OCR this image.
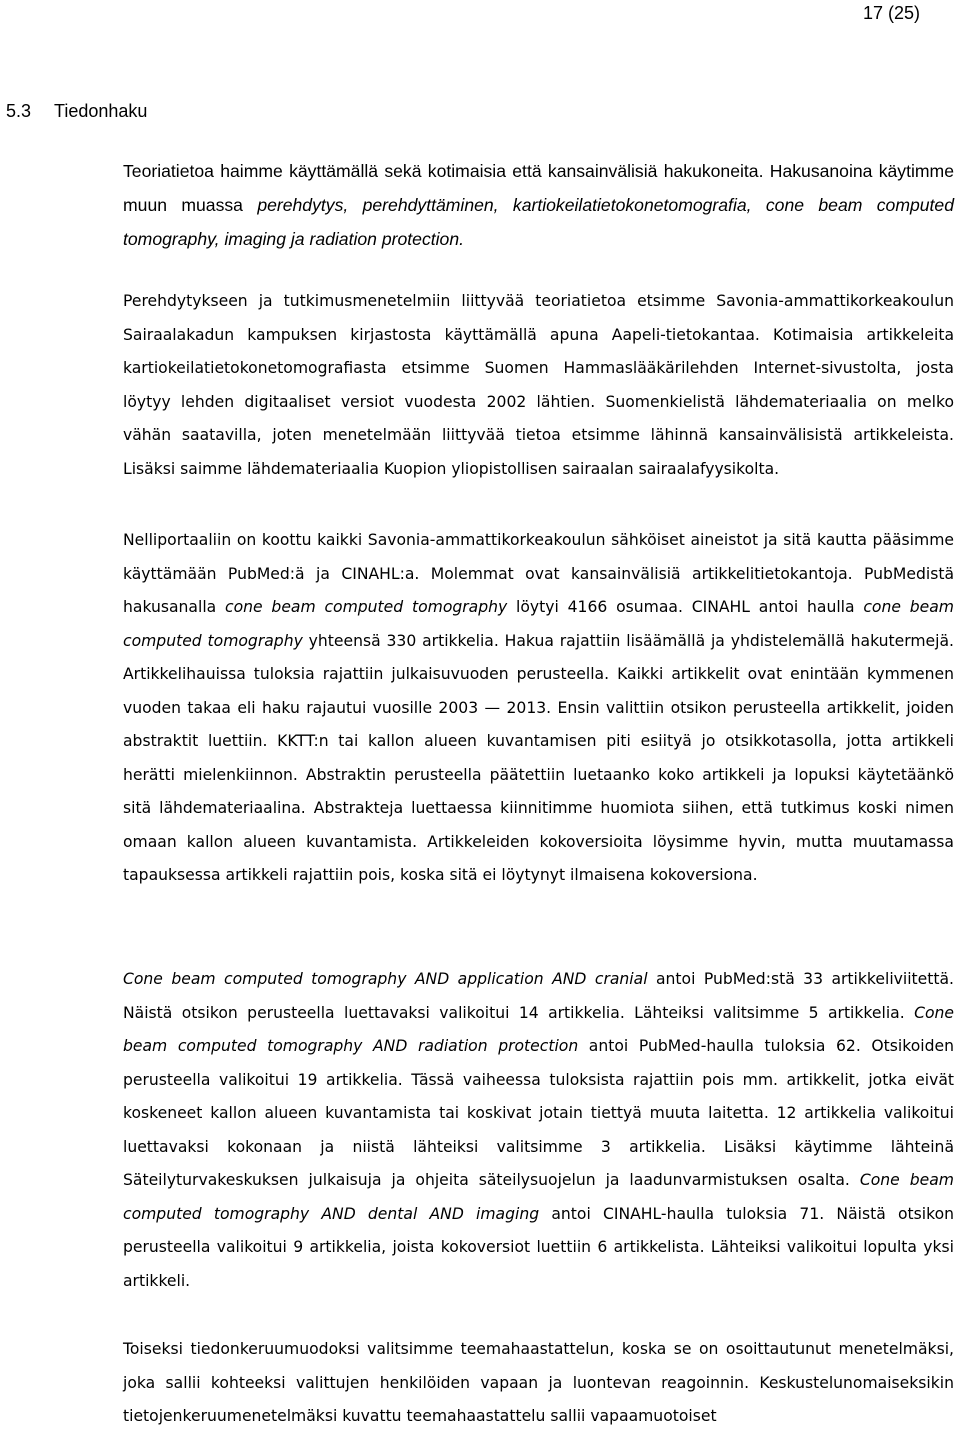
17 (25)
5.3 Tiedonhaku

Teoriatietoa haimme käyttämällä sekä kotimaisia että kansainvälisiä hakukoneita. Hakusanoina käytimme muun muassa perehdytys, perehdyttäminen, kartiokeilatietokonetomografia, cone beam computed tomography, imaging ja radiation protection.

Perehdytykseen ja tutkimusmenetelmiin liittyvää teoriatietoa etsimme Savonia-ammattikorkeakoulun Sairaalakadun kampuksen kirjastosta käyttämällä apuna Aapeli-tietokantaa. Kotimaisia artikkeleita kartiokeilatietokonetomografiasta etsimme Suomen Hammaslääkärilehden Internet-sivustolta, josta löytyy lehden digitaaliset versiot vuodesta 2002 lähtien. Suomenkielistä lähdemateriaalia on melko vähän saatavilla, joten menetelmään liittyvää tietoa etsimme lähinnä kansainvälisistä artikkeleista. Lisäksi saimme lähdemateriaalia Kuopion yliopistollisen sairaalan sairaalafyysikolta.

Nelliportaaliin on koottu kaikki Savonia-ammattikorkeakoulun sähköiset aineistot ja sitä kautta pääsimme käyttämään PubMed:ä ja CINAHL:a. Molemmat ovat kansainvälisiä artikkelitietokantoja. PubMedistä hakusanalla cone beam computed tomography löytyi 4166 osumaa. CINAHL antoi haulla cone beam computed tomography yhteensä 330 artikkelia. Hakua rajattiin lisäämällä ja yhdistelemällä hakutermejä. Artikkelihauissa tuloksia rajattiin julkaisuvuoden perusteella. Kaikki artikkelit ovat enintään kymmenen vuoden takaa eli haku rajautui vuosille 2003 — 2013. Ensin valittiin otsikon perusteella artikkelit, joiden abstraktit luettiin. KKTT:n tai kallon alueen kuvantamisen piti esiityä jo otsikkotasolla, jotta artikkeli herätti mielenkiinnon. Abstraktin perusteella päätettiin luetaanko koko artikkeli ja lopuksi käytetäänkö sitä lähdemateriaalina. Abstrakteja luettaessa kiinnitimme huomiota siihen, että tutkimus koski nimen omaan kallon alueen kuvantamista. Artikkeleiden kokoversioita löysimme hyvin, mutta muutamassa tapauksessa artikkeli rajattiin pois, koska sitä ei löytynyt ilmaisena kokoversiona.

Cone beam computed tomography AND application AND cranial antoi PubMed:stä 33 artikkeliviitettä. Näistä otsikon perusteella luettavaksi valikoitui 14 artikkelia. Lähteiksi valitsimme 5 artikkelia. Cone beam computed tomography AND radiation protection antoi PubMed-haulla tuloksia 62. Otsikoiden perusteella valikoitui 19 artikkelia. Tässä vaiheessa tuloksista rajattiin pois mm. artikkelit, jotka eivät koskeneet kallon alueen kuvantamista tai koskivat jotain tiettyä muuta laitetta. 12 artikkelia valikoitui luettavaksi kokonaan ja niistä lähteiksi valitsimme 3 artikkelia. Lisäksi käytimme lähteinä Säteilyturvakeskuksen julkaisuja ja ohjeita säteilysuojelun ja laadunvarmistuksen osalta. Cone beam computed tomography AND dental AND imaging antoi CINAHL-haulla tuloksia 71. Näistä otsikon perusteella valikoitui 9 artikkelia, joista kokoversiot luettiin 6 artikkelista. Lähteiksi valikoitui lopulta yksi artikkeli.

Toiseksi tiedonkeruumuodoksi valitsimme teemahaastattelun, koska se on osoittautunut menetelmäksi, joka sallii kohteeksi valittujen henkilöiden vapaan ja luontevan reagoinnin. Keskustelunomaiseksikin tietojenkeruumenetelmäksi kuvattu teemahaastattelu sallii vapaamuotoiset
